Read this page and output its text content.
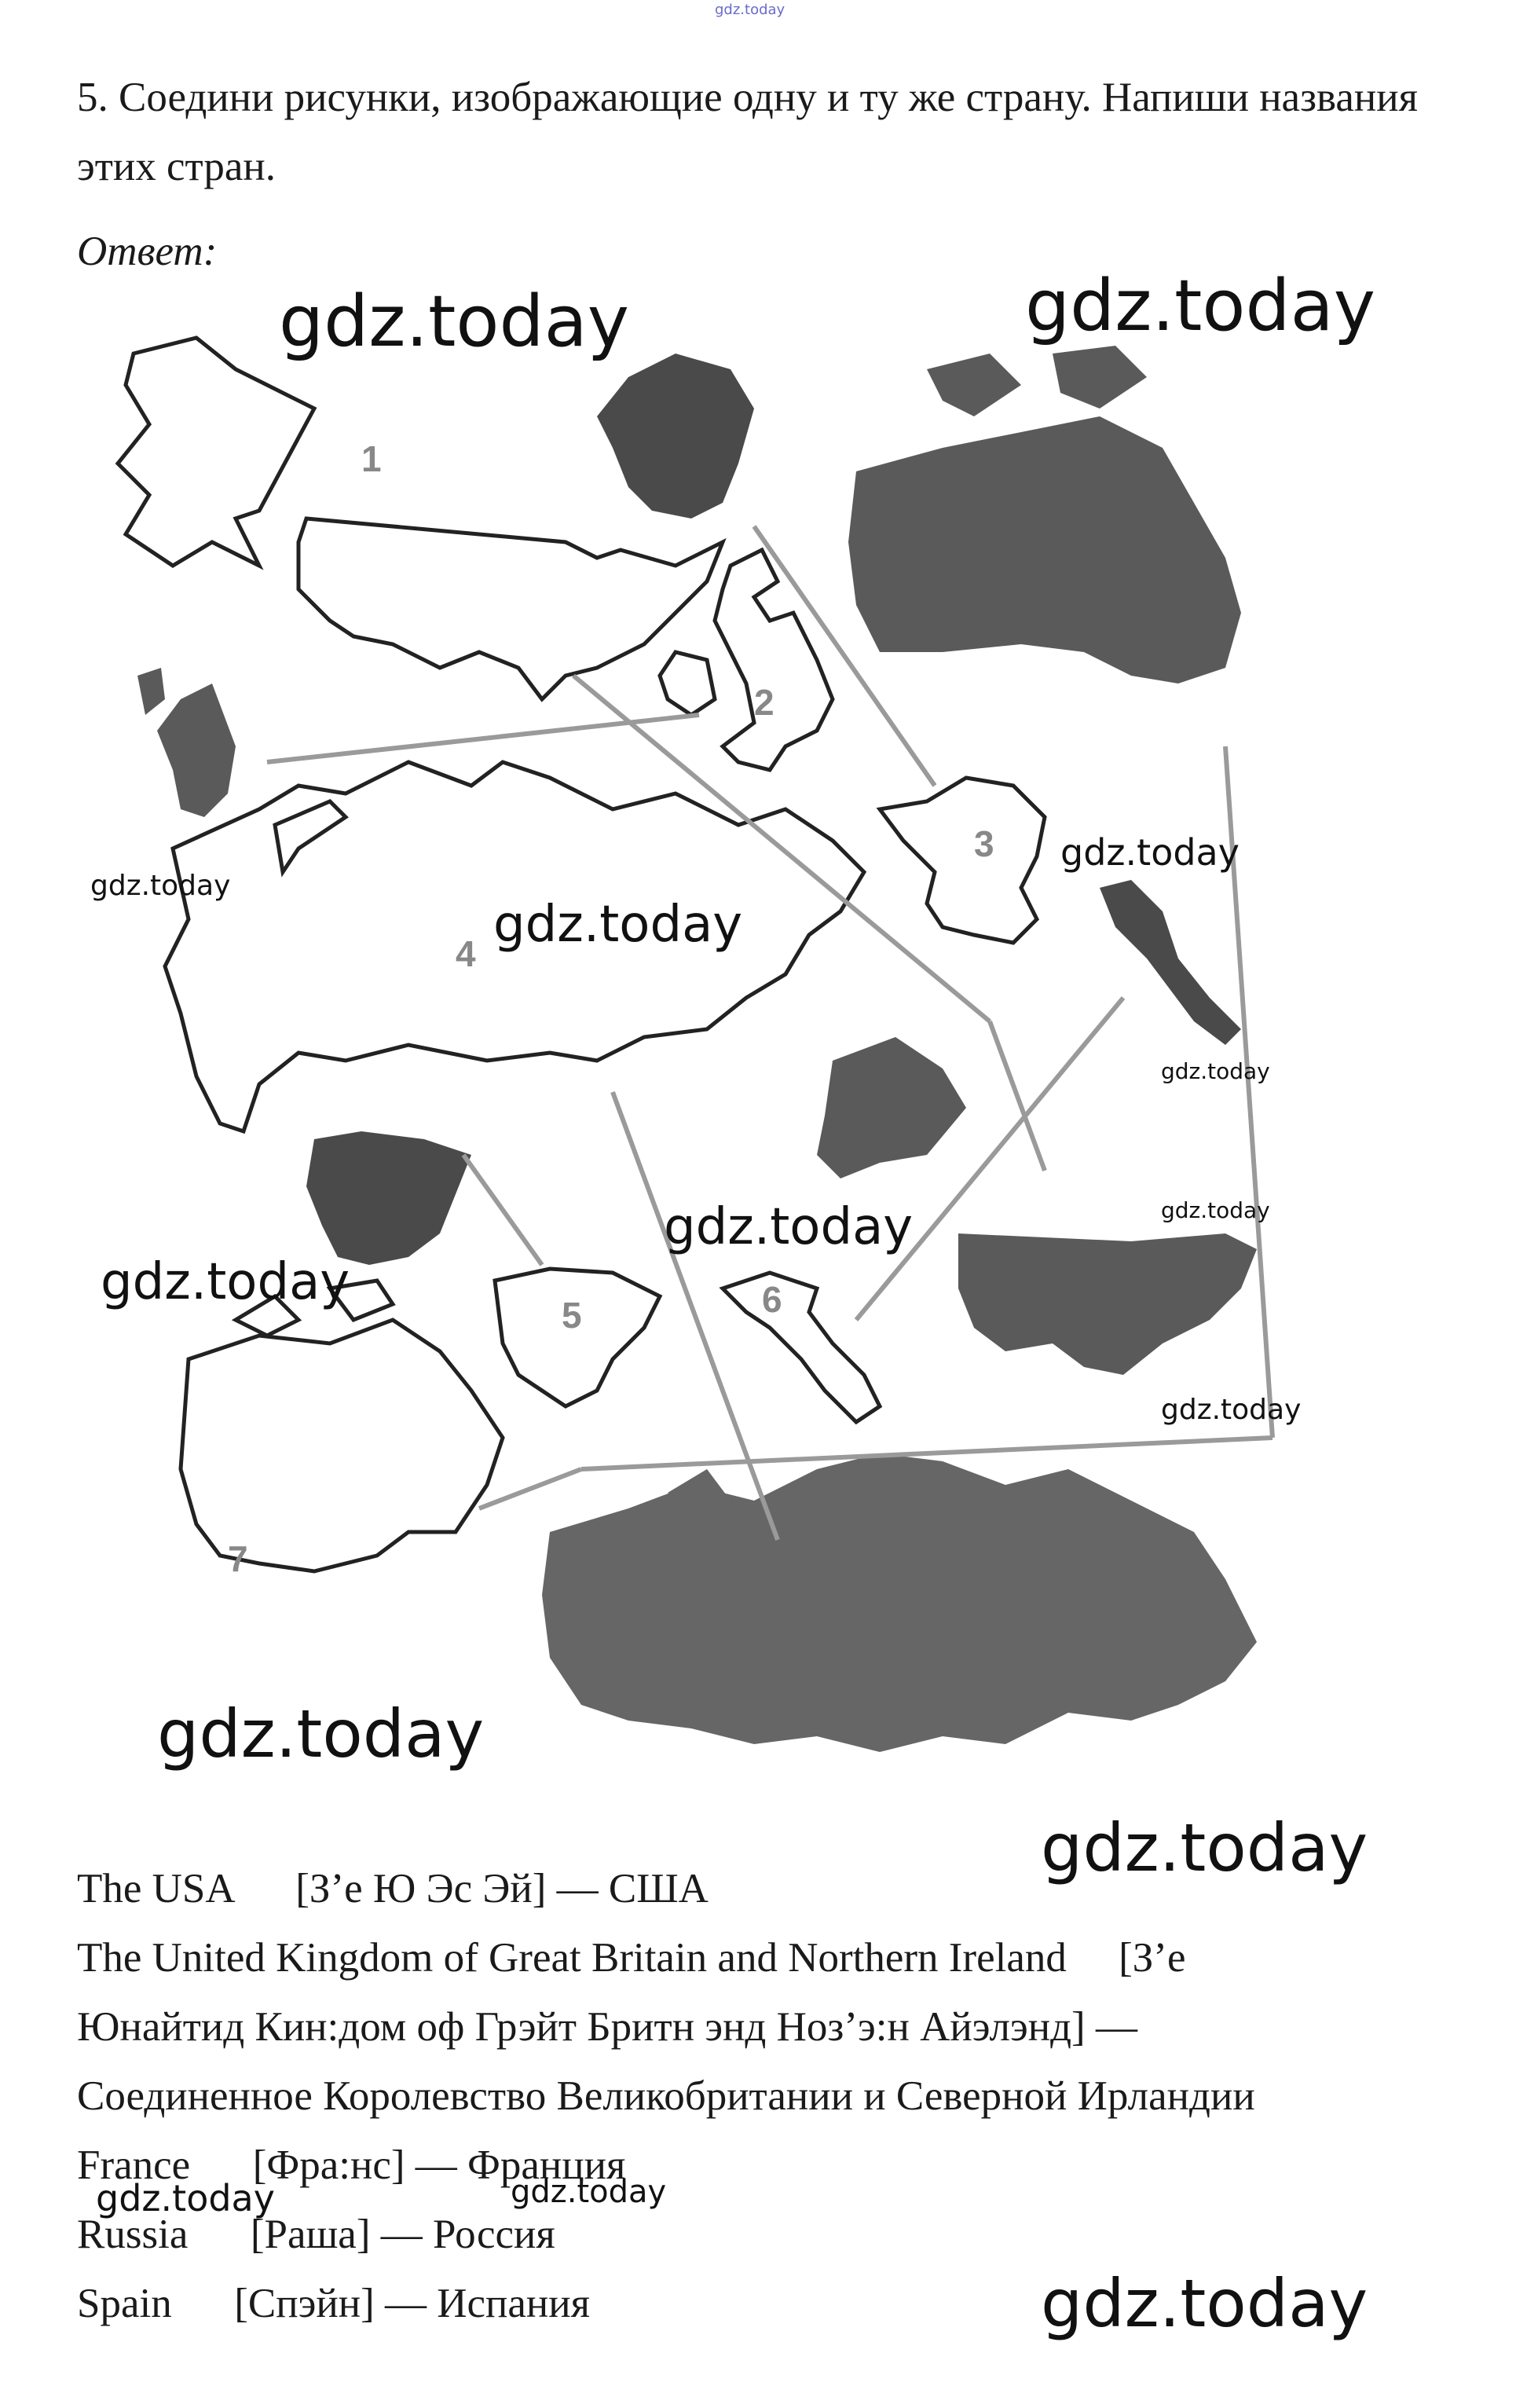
gdz.today
5. Соедини рисунки, изображающие одну и ту же страну. Напиши названия этих стран.
Ответ:
1
2
3
4
5	6
7
gdz.today	gdz.today
gdz.today
gdz.today
gdz.today
gdz.today
gdz.today
gdz.today
gdz.today
gdz.today
gdz.today
gdz.today
gdz.today	gdz.today
gdz.today

The USA      [З’е Ю Эс Эй] — США

The United Kingdom of Great Britain and Northern Ireland     [З’е

Юнайтид Кин:дом оф Грэйт Бритн энд Ноз’э:н Айэлэнд] —

Соединенное Королевство Великобритании и Северной Ирландии

France      [Фра:нс] — Франция

Russia      [Раша] — Россия

Spain      [Спэйн] — Испания
